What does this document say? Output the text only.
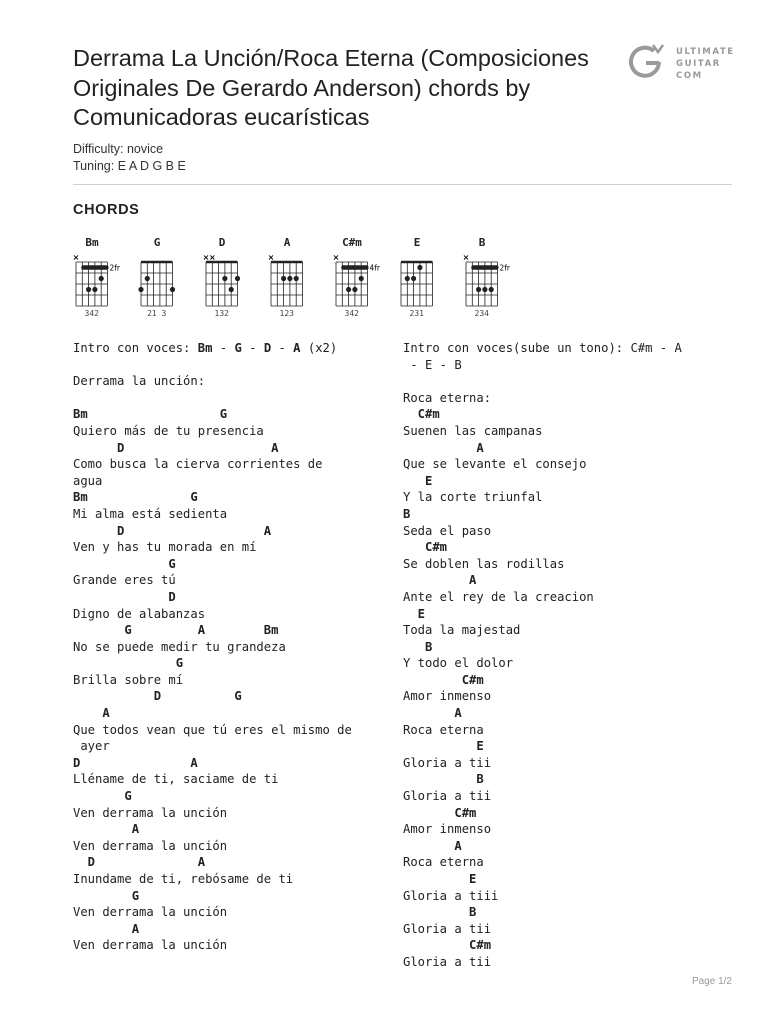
Derrama La Unción/Roca Eterna (Composiciones Originales De Gerardo Anderson) chords by Comunicadoras eucarísticas
ULTIMATE
GUITAR
COM
Difficulty: novice
Tuning: E A D G B E
CHORDS
Bm
×
2fr
342
G
21 3
D
× ×
132
A
×
123
C#m
×
4fr
342
E
231
B
×
2fr
234
Intro con voces: Bm - G - D - A (x2)
Derrama la unción:
Bm                  G
Quiero más de tu presencia
D                    A
Como busca la cierva corrientes de
agua
Bm              G
Mi alma está sedienta
D                   A
Ven y has tu morada en mí
G
Grande eres tú
D
Digno de alabanzas
G         A        Bm
No se puede medir tu grandeza
G
Brilla sobre mí
D          G
A
Que todos vean que tú eres el mismo de
ayer
D               A
Lléname de ti, saciame de ti
G
Ven derrama la unción
A
Ven derrama la unción
D              A
Inundame de ti, rebósame de ti
G
Ven derrama la unción
A
Ven derrama la unción
Intro con voces(sube un tono): C#m - A
- E - B
Roca eterna:
C#m
Suenen las campanas
A
Que se levante el consejo
E
Y la corte triunfal
B
Seda el paso
C#m
Se doblen las rodillas
A
Ante el rey de la creacion
E
Toda la majestad
B
Y todo el dolor
C#m
Amor inmenso
A
Roca eterna
E
Gloria a tii
B
Gloria a tii
C#m
Amor inmenso
A
Roca eterna
E
Gloria a tiii
B
Gloria a tii
C#m
Gloria a tii
Page 1/2
